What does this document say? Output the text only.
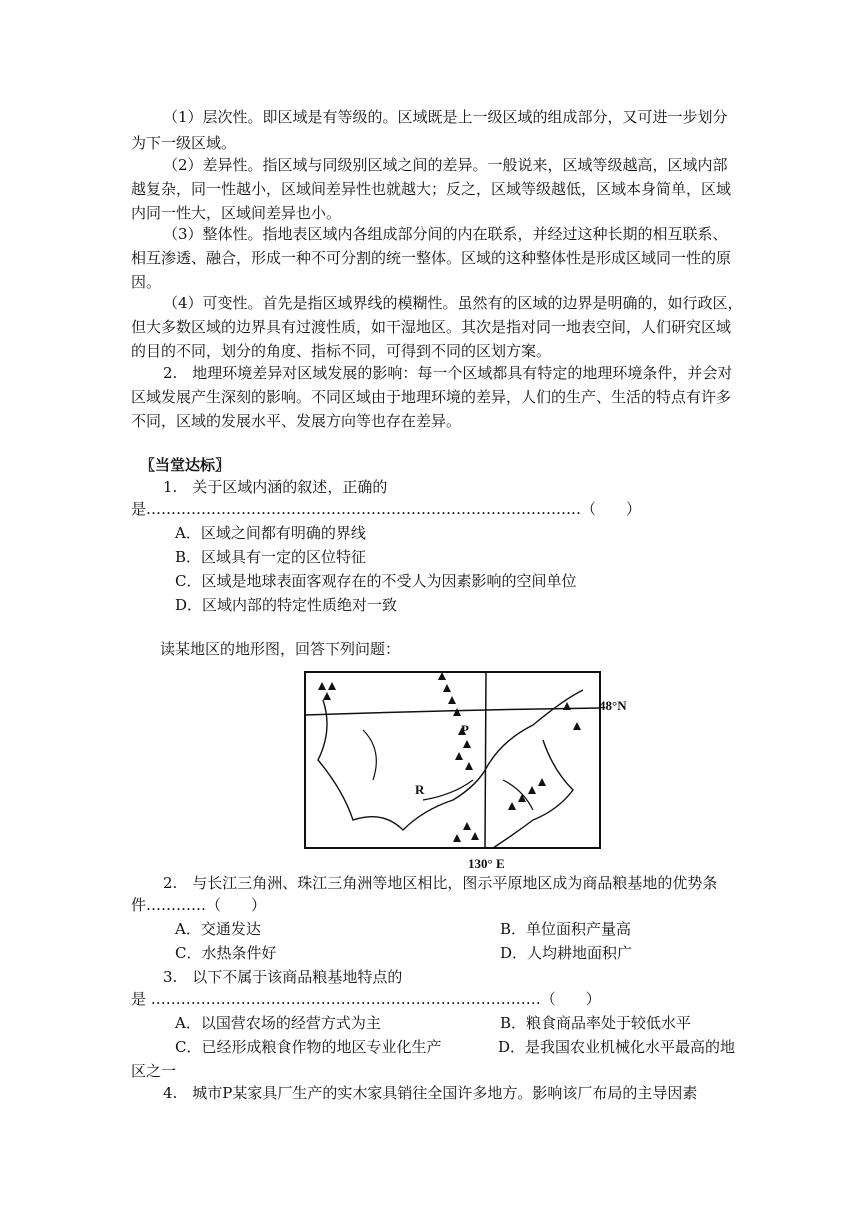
（1）层次性。即区域是有等级的。区域既是上一级区域的组成部分，又可进一步划分
为下一级区域。
（2）差异性。指区域与同级别区域之间的差异。一般说来，区域等级越高，区域内部
越复杂，同一性越小，区域间差异性也就越大；反之，区域等级越低，区域本身简单，区域
内同一性大，区域间差异也小。
（3）整体性。指地表区域内各组成部分间的内在联系，并经过这种长期的相互联系、
相互渗透、融合，形成一种不可分割的统一整体。区域的这种整体性是形成区域同一性的原
因。
（4）可变性。首先是指区域界线的模糊性。虽然有的区域的边界是明确的，如行政区，
但大多数区域的边界具有过渡性质，如干湿地区。其次是指对同一地表空间，人们研究区域
的目的不同，划分的角度、指标不同，可得到不同的区划方案。
2.　地理环境差异对区域发展的影响：每一个区域都具有特定的地理环境条件，并会对
区域发展产生深刻的影响。不同区域由于地理环境的差异，人们的生产、生活的特点有许多
不同，区域的发展水平、发展方向等也存在差异。
〖当堂达标〗
1.　关于区域内涵的叙述，正确的
是……………………………………………………………………………（　　）
A．区域之间都有明确的界线
B．区域具有一定的区位特征
C．区域是地球表面客观存在的不受人为因素影响的空间单位
D．区域内部的特定性质绝对一致
读某地区的地形图，回答下列问题：
48°N
P
R
130° E
2.　与长江三角洲、珠江三角洲等地区相比，图示平原地区成为商品粮基地的优势条
件…………（　　）
A．交通发达	B．单位面积产量高
C．水热条件好	D．人均耕地面积广
3.　以下不属于该商品粮基地特点的
是 ……………………………………………………………………（　　）
A．以国营农场的经营方式为主	B．粮食商品率处于较低水平
C．已经形成粮食作物的地区专业化生产	D．是我国农业机械化水平最高的地
区之一
4.　城市P某家具厂生产的实木家具销往全国许多地方。影响该厂布局的主导因素
